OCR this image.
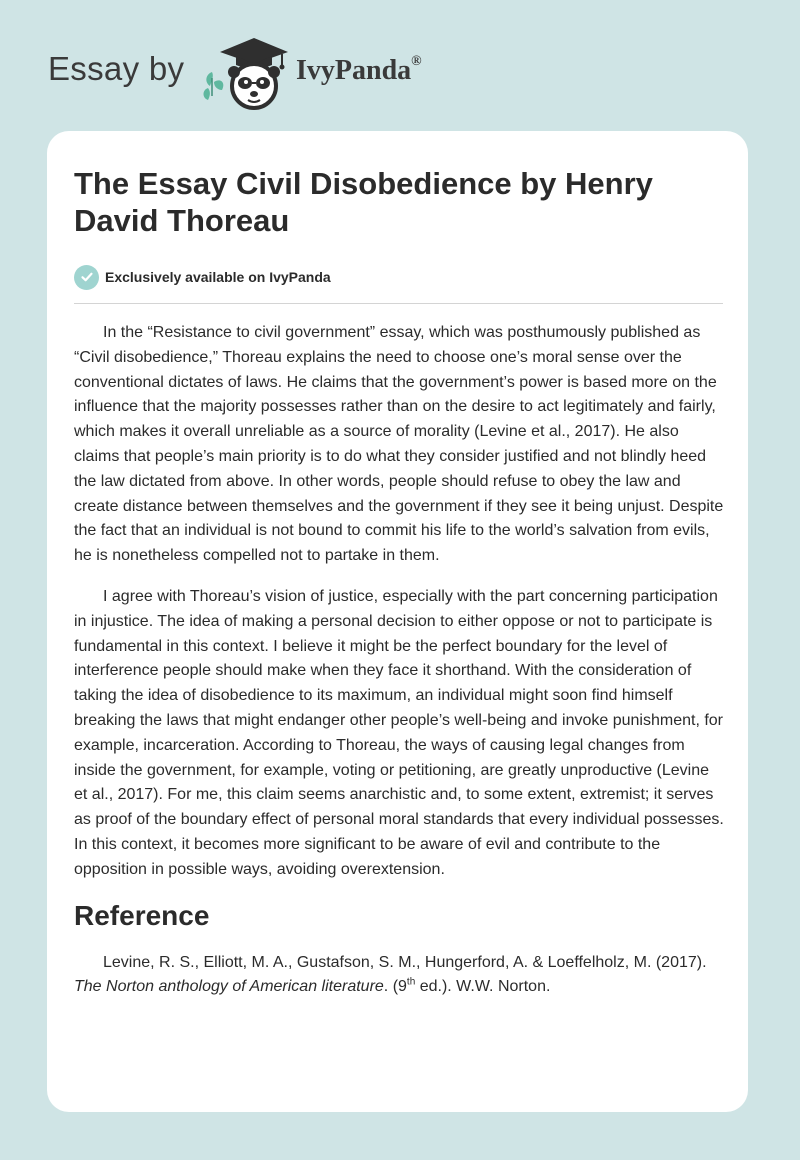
Essay by	IvyPanda®
The Essay Civil Disobedience by Henry David Thoreau
Exclusively available on IvyPanda

In the “Resistance to civil government” essay, which was posthumously published as “Civil disobedience,” Thoreau explains the need to choose one’s moral sense over the conventional dictates of laws. He claims that the government’s power is based more on the influence that the majority possesses rather than on the desire to act legitimately and fairly, which makes it overall unreliable as a source of morality (Levine et al., 2017). He also claims that people’s main priority is to do what they consider justified and not blindly heed the law dictated from above. In other words, people should refuse to obey the law and create distance between themselves and the government if they see it being unjust. Despite the fact that an individual is not bound to commit his life to the world’s salvation from evils, he is nonetheless compelled not to partake in them.

I agree with Thoreau’s vision of justice, especially with the part concerning participation in injustice. The idea of making a personal decision to either oppose or not to participate is fundamental in this context. I believe it might be the perfect boundary for the level of interference people should make when they face it shorthand. With the consideration of taking the idea of disobedience to its maximum, an individual might soon find himself breaking the laws that might endanger other people’s well-being and invoke punishment, for example, incarceration. According to Thoreau, the ways of causing legal changes from inside the government, for example, voting or petitioning, are greatly unproductive (Levine et al., 2017). For me, this claim seems anarchistic and, to some extent, extremist; it serves as proof of the boundary effect of personal moral standards that every individual possesses. In this context, it becomes more significant to be aware of evil and contribute to the opposition in possible ways, avoiding overextension.

Reference

Levine, R. S., Elliott, M. A., Gustafson, S. M., Hungerford, A. & Loeffelholz, M. (2017). The Norton anthology of American literature. (9th ed.). W.W. Norton.
